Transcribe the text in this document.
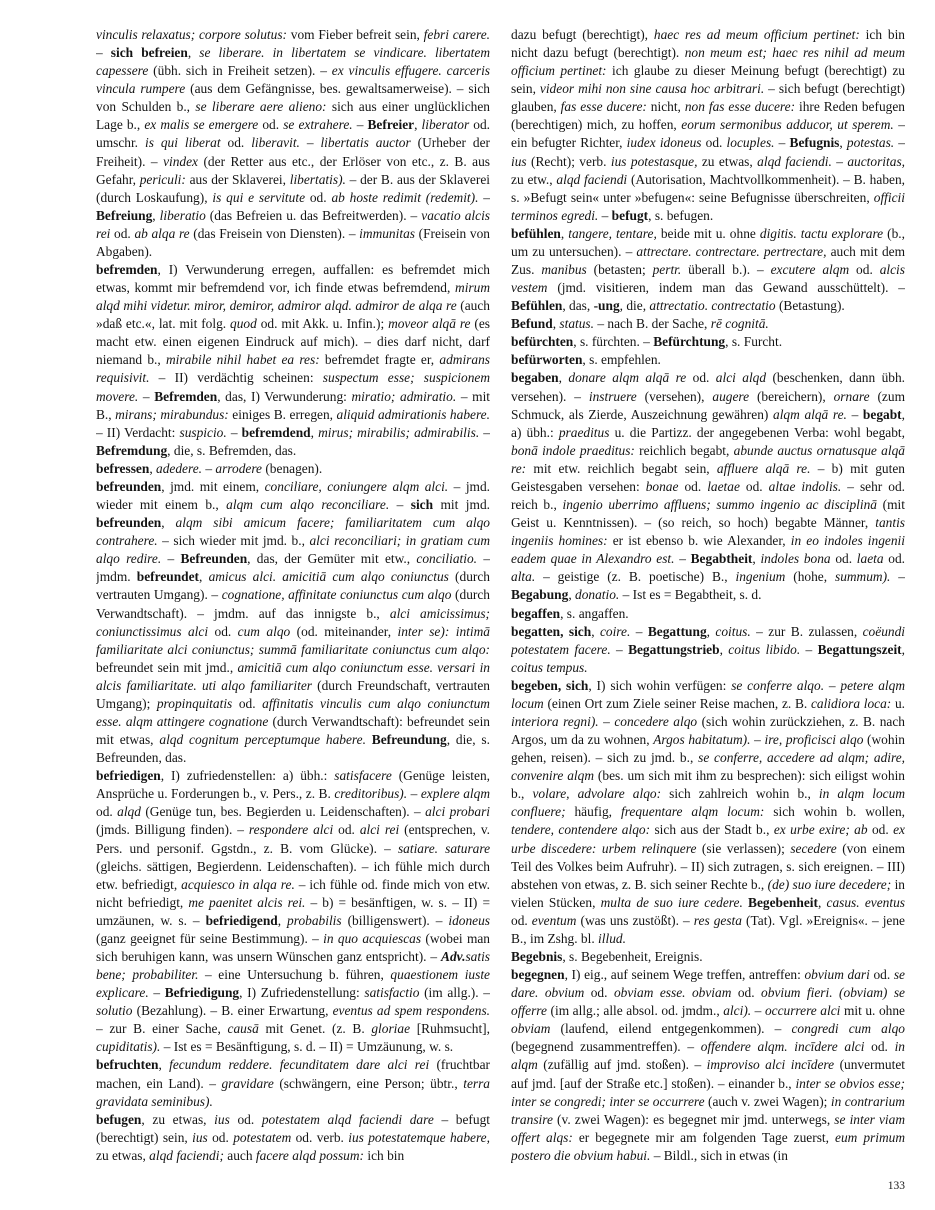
vinculis relaxatus; corpore solutus: vom Fieber befreit sein, febri carere. – sich befreien, se liberare. in libertatem se vindicare. libertatem capessere (übh. sich in Freiheit setzen). – ex vinculis effugere. carceris vincula rumpere (aus dem Gefängnisse, bes. gewaltsamerweise). – sich von Schulden b., se liberare aere alieno: sich aus einer unglücklichen Lage b., ex malis se emergere od. se extrahere. – Befreier, liberator od. umschr. is qui liberat od. liberavit. – libertatis auctor (Urheber der Freiheit). – vindex (der Retter aus etc., der Erlöser von etc., z. B. aus Gefahr, periculi: aus der Sklaverei, libertatis). – der B. aus der Sklaverei (durch Loskaufung), is qui e servitute od. ab hoste redimit (redemit). – Befreiung, liberatio (das Befreien u. das Befreitwerden). – vacatio alcis rei od. ab alqa re (das Freisein von Diensten). – immunitas (Freisein von Abgaben).

befremden, I) Verwunderung erregen, auffallen: es befremdet mich etwas, kommt mir befremdend vor, ich finde etwas befremdend, mirum alqd mihi videtur. miror, demiror, admiror alqd. admiror de alqa re (auch »daß etc.«, lat. mit folg. quod od. mit Akk. u. Infin.); moveor alqā re (es macht etw. einen eigenen Eindruck auf mich). – dies darf nicht, darf niemand b., mirabile nihil habet ea res: befremdet fragte er, admirans requisivit. – II) verdächtig scheinen: suspectum esse; suspicionem movere. – Befremden, das, I) Verwunderung: miratio; admiratio. – mit B., mirans; mirabundus: einiges B. erregen, aliquid admirationis habere. – II) Verdacht: suspicio. – befremdend, mirus; mirabilis; admirabilis. – Befremdung, die, s. Befremden, das.

befressen, adedere. – arrodere (benagen).

befreunden, jmd. mit einem, conciliare, coniungere alqm alci. – jmd. wieder mit einem b., alqm cum alqo reconciliare. – sich mit jmd. befreunden, alqm sibi amicum facere; familiaritatem cum alqo contrahere. – sich wieder mit jmd. b., alci reconciliari; in gratiam cum alqo redire. – Befreunden, das, der Gemüter mit etw., conciliatio. – jmdm. befreundet, amicus alci. amicitiā cum alqo coniunctus (durch vertrauten Umgang). – cognatione, affinitate coniunctus cum alqo (durch Verwandtschaft). – jmdm. auf das innigste b., alci amicissimus; coniunctissimus alci od. cum alqo (od. miteinander, inter se): intimā familiaritate alci coniunctus; summā familiaritate coniunctus cum alqo: befreundet sein mit jmd., amicitiā cum alqo coniunctum esse. versari in alcis familiaritate. uti alqo familiariter (durch Freundschaft, vertrauten Umgang); propinquitatis od. affinitatis vinculis cum alqo coniunctum esse. alqm attingere cognatione (durch Verwandtschaft): befreundet sein mit etwas, alqd cognitum perceptumque habere. Befreundung, die, s. Befreunden, das.

befriedigen, I) zufriedenstellen: a) übh.: satisfacere (Genüge leisten, Ansprüche u. Forderungen b., v. Pers., z. B. creditoribus). – explere alqm od. alqd (Genüge tun, bes. Begierden u. Leidenschaften). – alci probari (jmds. Billigung finden). – respondere alci od. alci rei (entsprechen, v. Pers. und personif. Ggstdn., z. B. vom Glücke). – satiare. saturare (gleichs. sättigen, Begierdenn. Leidenschaften). – ich fühle mich durch etw. befriedigt, acquiesco in alqa re. – ich fühle od. finde mich von etw. nicht befriedigt, me paenitet alcis rei. – b) = besänftigen, w. s. – II) = umzäunen, w. s. – befriedigend, probabilis (billigenswert). – idoneus (ganz geeignet für seine Bestimmung). – in quo acquiescas (wobei man sich beruhigen kann, was unsern Wünschen ganz entspricht). – Adv.satis bene; probabiliter. – eine Untersuchung b. führen, quaestionem iuste explicare. – Befriedigung, I) Zufriedenstellung: satisfactio (im allg.). – solutio (Bezahlung). – B. einer Erwartung, eventus ad spem respondens. – zur B. einer Sache, causā mit Genet. (z. B. gloriae [Ruhmsucht], cupiditatis). – Ist es = Besänftigung, s. d. – II) = Umzäunung, w. s.

befruchten, fecundum reddere. fecunditatem dare alci rei (fruchtbar machen, ein Land). – gravidare (schwängern, eine Person; übtr., terra gravidata seminibus).

befugen, zu etwas, ius od. potestatem alqd faciendi dare – befugt (berechtigt) sein, ius od. potestatem od. verb. ius potestatemque habere, zu etwas, alqd faciendi; auch facere alqd possum: ich bin

dazu befugt (berechtigt), haec res ad meum officium pertinet: ich bin nicht dazu befugt (berechtigt). non meum est; haec res nihil ad meum officium pertinet: ich glaube zu dieser Meinung befugt (berechtigt) zu sein, videor mihi non sine causa hoc arbitrari. – sich befugt (berechtigt) glauben, fas esse ducere: nicht, non fas esse ducere: ihre Reden befugen (berechtigen) mich, zu hoffen, eorum sermonibus adducor, ut sperem. – ein befugter Richter, iudex idoneus od. locuples. – Befugnis, potestas. – ius (Recht); verb. ius potestasque, zu etwas, alqd faciendi. – auctoritas, zu etw., alqd faciendi (Autorisation, Machtvollkommenheit). – B. haben, s. »Befugt sein« unter »befugen«: seine Befugnisse überschreiten, officii terminos egredi. – befugt, s. befugen.

befühlen, tangere, tentare, beide mit u. ohne digitis. tactu explorare (b., um zu untersuchen). – attrectare. contrectare. pertrectare, auch mit dem Zus. manibus (betasten; pertr. überall b.). – excutere alqm od. alcis vestem (jmd. visitieren, indem man das Gewand ausschüttelt). – Befühlen, das, -ung, die, attrectatio. contrectatio (Betastung).

Befund, status. – nach B. der Sache, rē cognitā.

befürchten, s. fürchten. – Befürchtung, s. Furcht.

befürworten, s. empfehlen.

begaben, donare alqm alqā re od. alci alqd (beschenken, dann übh. versehen). – instruere (versehen), augere (bereichern), ornare (zum Schmuck, als Zierde, Auszeichnung gewähren) alqm alqā re. – begabt, a) übh.: praeditus u. die Partizz. der angegebenen Verba: wohl begabt, bonā indole praeditus: reichlich begabt, abunde auctus ornatusque alqā re: mit etw. reichlich begabt sein, affluere alqā re. – b) mit guten Geistesgaben versehen: bonae od. laetae od. altae indolis. – sehr od. reich b., ingenio uberrimo affluens; summo ingenio ac disciplinā (mit Geist u. Kenntnissen). – (so reich, so hoch) begabte Männer, tantis ingeniis homines: er ist ebenso b. wie Alexander, in eo indoles ingenii eadem quae in Alexandro est. – Begabtheit, indoles bona od. laeta od. alta. – geistige (z. B. poetische) B., ingenium (hohe, summum). – Begabung, donatio. – Ist es = Begabtheit, s. d.

begaffen, s. angaffen.

begatten, sich, coire. – Begattung, coitus. – zur B. zulassen, coëundi potestatem facere. – Begattungstrieb, coitus libido. – Begattungszeit, coitus tempus.

begeben, sich, I) sich wohin verfügen: se conferre alqo. – petere alqm locum (einen Ort zum Ziele seiner Reise machen, z. B. calidiora loca: u. interiora regni). – concedere alqo (sich wohin zurückziehen, z. B. nach Argos, um da zu wohnen, Argos habitatum). – ire, proficisci alqo (wohin gehen, reisen). – sich zu jmd. b., se conferre, accedere ad alqm; adire, convenire alqm (bes. um sich mit ihm zu besprechen): sich eiligst wohin b., volare, advolare alqo: sich zahlreich wohin b., in alqm locum confluere; häufig, frequentare alqm locum: sich wohin b. wollen, tendere, contendere alqo: sich aus der Stadt b., ex urbe exire; ab od. ex urbe discedere: urbem relinquere (sie verlassen); secedere (von einem Teil des Volkes beim Aufruhr). – II) sich zutragen, s. sich ereignen. – III) abstehen von etwas, z. B. sich seiner Rechte b., (de) suo iure decedere; in vielen Stücken, multa de suo iure cedere. Begebenheit, casus. eventus od. eventum (was uns zustößt). – res gesta (Tat). Vgl. »Ereignis«. – jene B., im Zshg. bl. illud.

Begebnis, s. Begebenheit, Ereignis.

begegnen, I) eig., auf seinem Wege treffen, antreffen: obvium dari od. se dare. obvium od. obviam esse. obviam od. obvium fieri. (obviam) se offerre (im allg.; alle absol. od. jmdm., alci). – occurrere alci mit u. ohne obviam (laufend, eilend entgegenkommen). – congredi cum alqo (begegnend zusammentreffen). – offendere alqm. incīdere alci od. in alqm (zufällig auf jmd. stoßen). – improviso alci incīdere (unvermutet auf jmd. [auf der Straße etc.] stoßen). – einander b., inter se obvios esse; inter se congredi; inter se occurrere (auch v. zwei Wagen); in contrarium transire (v. zwei Wagen): es begegnet mir jmd. unterwegs, se inter viam offert alqs: er begegnete mir am folgenden Tage zuerst, eum primum postero die obvium habui. – Bildl., sich in etwas (in

133
